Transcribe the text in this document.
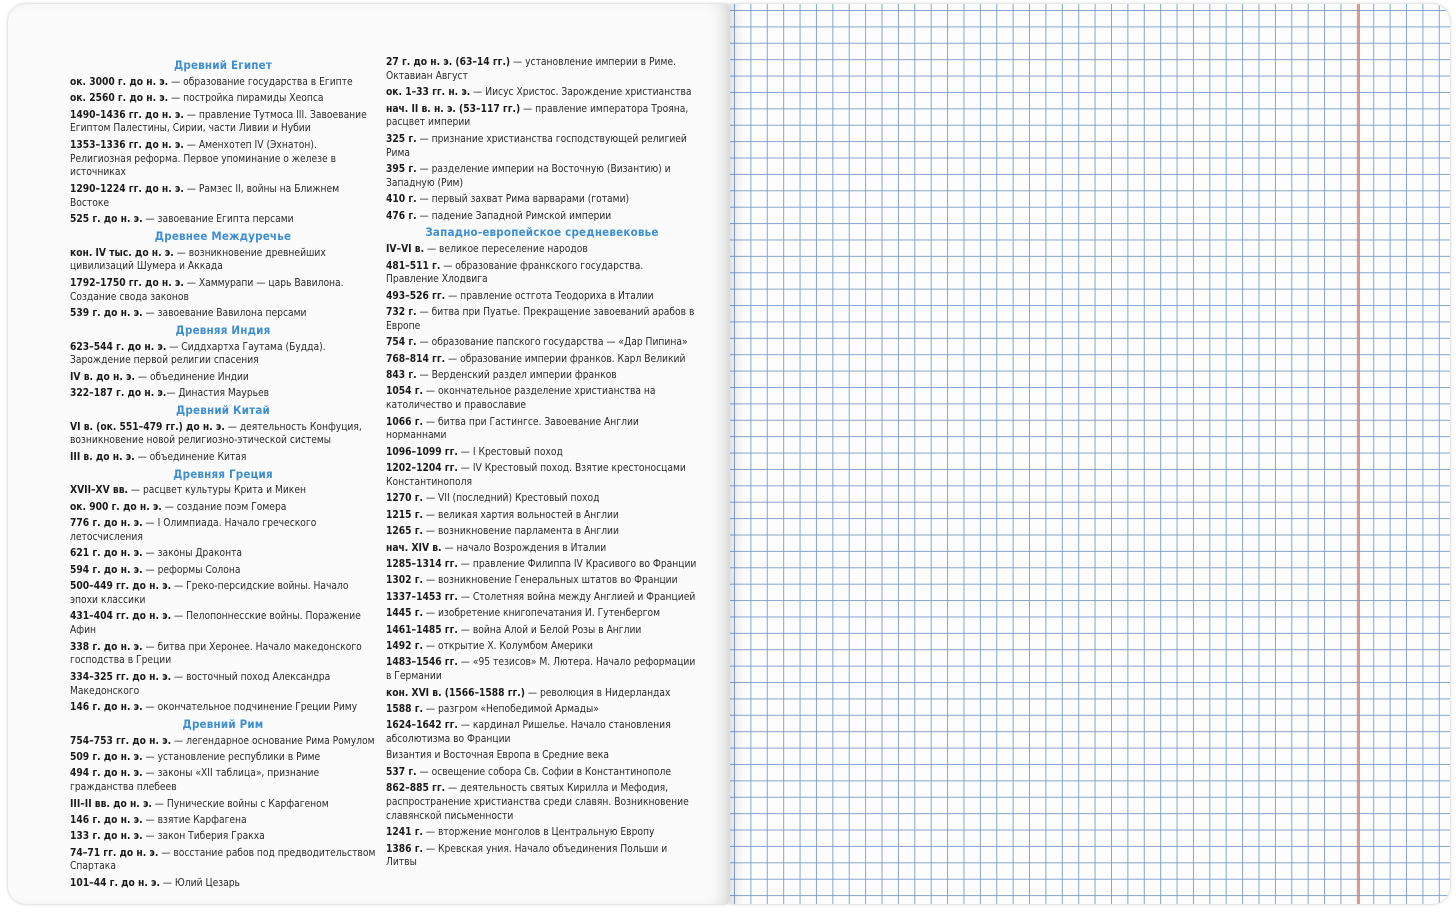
Древний Египет
ок. 3000 г. до н. э. — образование государства в Египте
ок. 2560 г. до н. э. — постройка пирамиды Хеопса
1490–1436 гг. до н. э. — правление Тутмоса III. Завоевание Египтом Палестины, Сирии, части Ливии и Нубии
1353–1336 гг. до н. э. — Аменхотеп IV (Эхнатон). Религиозная реформа. Первое упоминание о железе в источниках
1290–1224 гг. до н. э. — Рамзес II, войны на Ближнем Востоке
525 г. до н. э. — завоевание Египта персами
Древнее Междуречье
кон. IV тыс. до н. э. — возникновение древнейших цивилизаций Шумера и Аккада
1792–1750 гг. до н. э. — Хаммурапи — царь Вавилона. Создание свода законов
539 г. до н. э. — завоевание Вавилона персами
Древняя Индия
623–544 г. до н. э. — Сиддхартха Гаутама (Будда). Зарождение первой религии спасения
IV в. до н. э. — объединение Индии
322–187 г. до н. э.— Династия Маурьев
Древний Китай
VI в. (ок. 551–479 гг.) до н. э. — деятельность Конфуция, возникновение новой религиозно-этической системы
III в. до н. э. — объединение Китая
Древняя Греция
XVII–XV вв. — расцвет культуры Крита и Микен
ок. 900 г. до н. э. — создание поэм Гомера
776 г. до н. э. — I Олимпиада. Начало греческого летосчисления
621 г. до н. э. — законы Драконта
594 г. до н. э. — реформы Солона
500–449 гг. до н. э. — Греко-персидские войны. Начало эпохи классики
431–404 гг. до н. э. — Пелопоннесские войны. Поражение Афин
338 г. до н. э. — битва при Херонее. Начало македонского господства в Греции
334–325 гг. до н. э. — восточный поход Александра Македонского
146 г. до н. э. — окончательное подчинение Греции Риму
Древний Рим
754–753 гг. до н. э. — легендарное основание Рима Ромулом
509 г. до н. э. — установление республики в Риме
494 г. до н. э. — законы «XII таблица», признание гражданства плебеев
III–II вв. до н. э. — Пунические войны с Карфагеном
146 г. до н. э. — взятие Карфагена
133 г. до н. э. — закон Тиберия Гракха
74–71 гг. до н. э. — восстание рабов под предводительством Спартака
101–44 г. до н. э. — Юлий Цезарь
27 г. до н. э. (63–14 гг.) — установление империи в Риме. Октавиан Август
ок. 1–33 гг. н. э. — Иисус Христос. Зарождение христианства
нач. II в. н. э. (53–117 гг.) — правление императора Трояна, расцвет империи
325 г. — признание христианства господствующей религией Рима
395 г. — разделение империи на Восточную (Византию) и Западную (Рим)
410 г. — первый захват Рима варварами (готами)
476 г. — падение Западной Римской империи
Западно-европейское средневековье
IV–VI в. — великое переселение народов
481–511 г. — образование франкского государства. Правление Хлодвига
493–526 гг. — правление остгота Теодориха в Италии
732 г. — битва при Пуатье. Прекращение завоеваний арабов в Европе
754 г. — образование папского государства — «Дар Пипина»
768–814 гг. — образование империи франков. Карл Великий
843 г. — Верденский раздел империи франков
1054 г. — окончательное разделение христианства на католичество и православие
1066 г. — битва при Гастингсе. Завоевание Англии норманнами
1096–1099 гг. — I Крестовый поход
1202–1204 гг. — IV Крестовый поход. Взятие крестоносцами Константинополя
1270 г. — VII (последний) Крестовый поход
1215 г. — великая хартия вольностей в Англии
1265 г. — возникновение парламента в Англии
нач. XIV в. — начало Возрождения в Италии
1285–1314 гг. — правление Филиппа IV Красивого во Франции
1302 г. — возникновение Генеральных штатов во Франции
1337–1453 гг. — Столетняя война между Англией и Францией
1445 г. — изобретение книгопечатания И. Гутенбергом
1461–1485 гг. — война Алой и Белой Розы в Англии
1492 г. — открытие Х. Колумбом Америки
1483–1546 гг. — «95 тезисов» М. Лютера. Начало реформации в Германии
кон. XVI в. (1566–1588 гг.) — революция в Нидерландах
1588 г. — разгром «Непобедимой Армады»
1624–1642 гг. — кардинал Ришелье. Начало становления абсолютизма во Франции
Византия и Восточная Европа в Средние века
537 г. — освещение собора Св. Софии в Константинополе
862–885 гг. — деятельность святых Кирилла и Мефодия, распространение христианства среди славян. Возникновение славянской письменности
1241 г. — вторжение монголов в Центральную Европу
1386 г. — Кревская уния. Начало объединения Польши и Литвы
